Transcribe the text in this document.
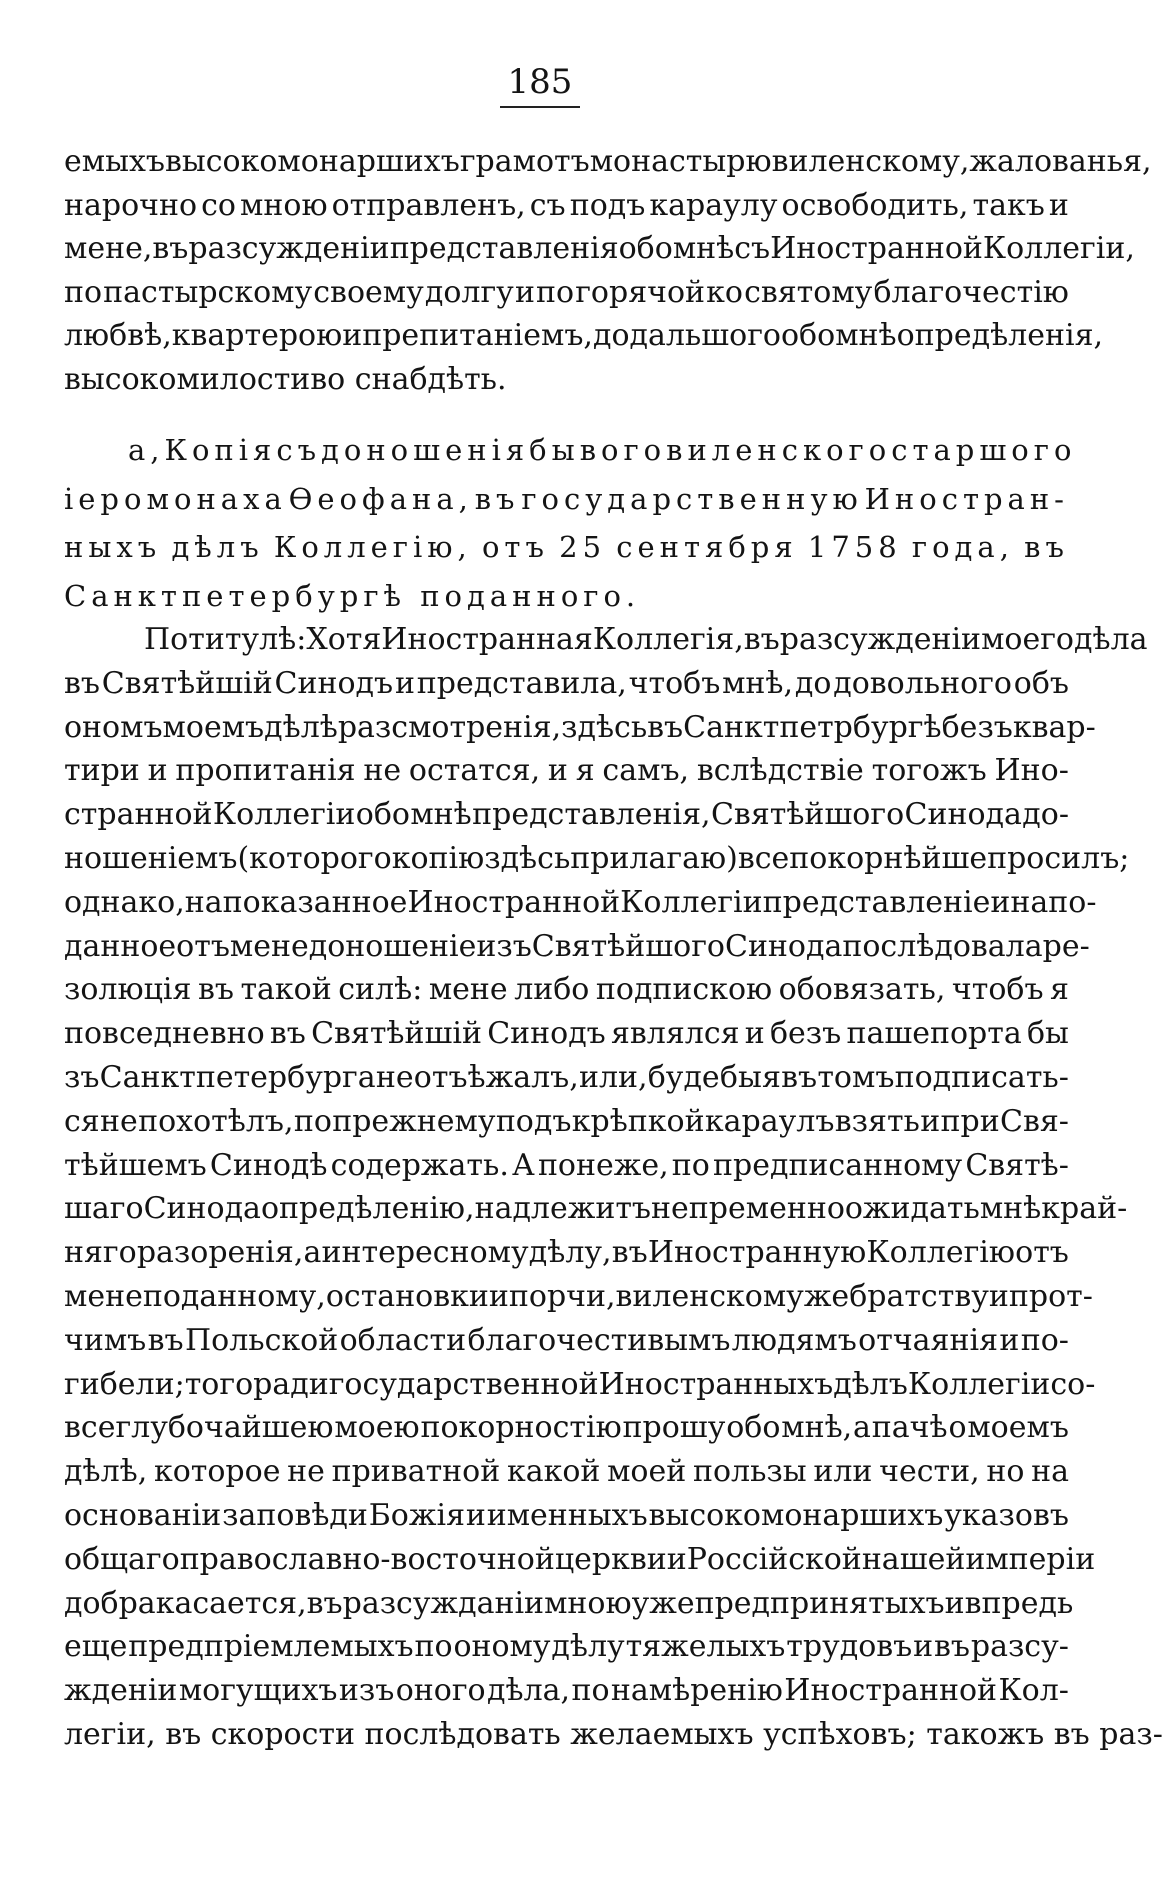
185
емыхъ высокомонаршихъ грамотъ монастырю виленскому, жалованья,
нарочно со мною отправленъ, съ подъ караулу освободить, такъ и
мене, въ разсужденіи представленія обо мнѣ съ Иностранной Коллегіи,
по пастырскому своему долгу и по горячой ко святому благочестію
любвѣ, квартерою и препитаніемъ, до дальшого обо мнѣ опредѣленія,
высокомилостиво снабдѣть.
а, Копія съ доношенія бывого виленского старшого
іеромонаха Ѳеофана, въ государственную Иностран-
ныхъ дѣлъ Коллегію, отъ 25 сентября 1758 года, въ
Санктпетербургѣ поданного.
По титулѣ: Хотя Иностранная Коллегія, въ разсужденіи моего дѣла
въ Святѣйшій Синодъ и представила, чтобъ мнѣ, до довольного объ
ономъ моемъ дѣлѣ разсмотренія, здѣсь въ Санктпетрбургѣ безъ квар-
тири и пропитанія не остатся, и я самъ, вслѣдствіе тогожъ Ино-
странной Коллегіи обо мнѣ представленія, Святѣйшого Синода до-
ношеніемъ (которого копію здѣсь прилагаю) всепокорнѣйше просилъ;
однако, на показанное Иностранной Коллегіи представленіе и на по-
данное отъ мене доношеніе изъ Святѣйшого Синода послѣдовала ре-
золюція въ такой силѣ: мене либо подпискою обовязать, чтобъ я
повседневно въ Святѣйшій Синодъ являлся и безъ пашепорта бы
зъ Санктпетербурга не отъѣжалъ, или, буде бы я въ томъ подписать-
ся не похотѣлъ, по прежнему подъ крѣпкой караулъ взять и при Свя-
тѣйшемъ Синодѣ содержать. А понеже, по предписанному Святѣ-
шаго Синода опредѣленію, надлежитъ непременно ожидать мнѣ край-
няго разоренія, а интересному дѣлу, въ Иностранную Коллегію отъ
мене поданному, остановки и порчи, виленскому же братству и прот-
чимъ въ Польской области благочестивымъ людямъ отчаянія и по-
гибели; того ради государственной Иностранныхъ дѣлъ Коллегіи со-
всеглубочайшею моею покорностію прошу обо мнѣ, а пачѣ о моемъ
дѣлѣ, которое не приватной какой моей пользы или чести, но на
основаніи заповѣди Божія и именныхъ высокомонаршихъ указовъ
общаго православно-восточной церкви и Россійской нашей имперіи
добра касается, въ разсужданіи мною уже предпринятыхъ и впредь
еще предпріемлемыхъ по оному дѣлу тяжелыхъ трудовъ и въ разсу-
жденіи могущихъ изъ оного дѣла, по намѣренію Иностранной Кол-
легіи, въ скорости послѣдовать желаемыхъ успѣховъ; такожъ въ раз-
